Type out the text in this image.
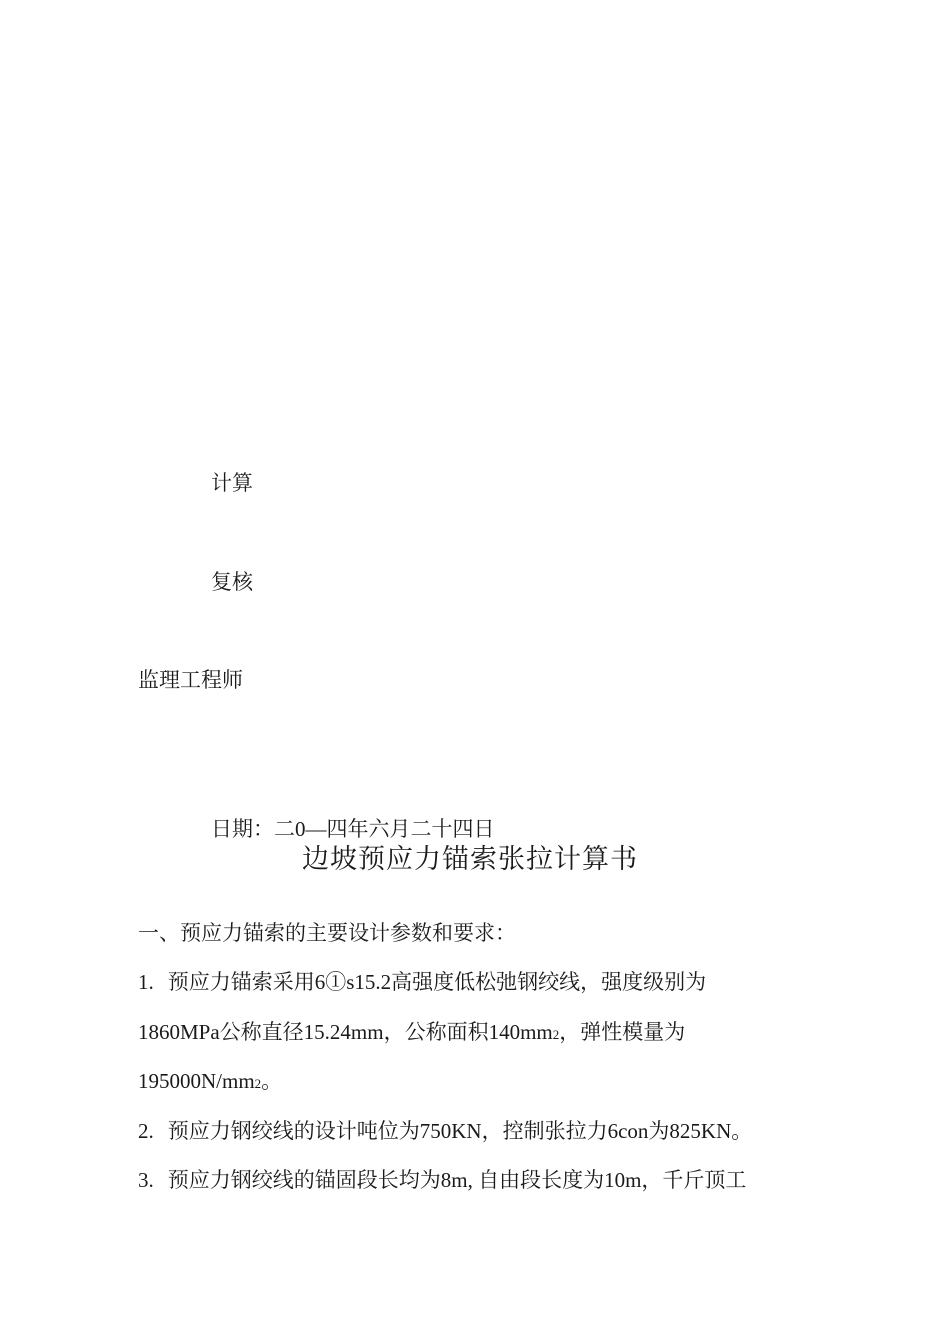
计算
复核
监理工程师
日期：二0—四年六月二十四日
边坡预应力锚索张拉计算书
一、预应力锚索的主要设计参数和要求：
1. 预应力锚索采用6①s15.2高强度低松弛钢绞线，强度级别为
1860MPa公称直径15.24mm，公称面积140mm2，弹性模量为
195000N/mm2。
2. 预应力钢绞线的设计吨位为750KN，控制张拉力6con为825KN。
3. 预应力钢绞线的锚固段长均为8m, 自由段长度为10m，千斤顶工
